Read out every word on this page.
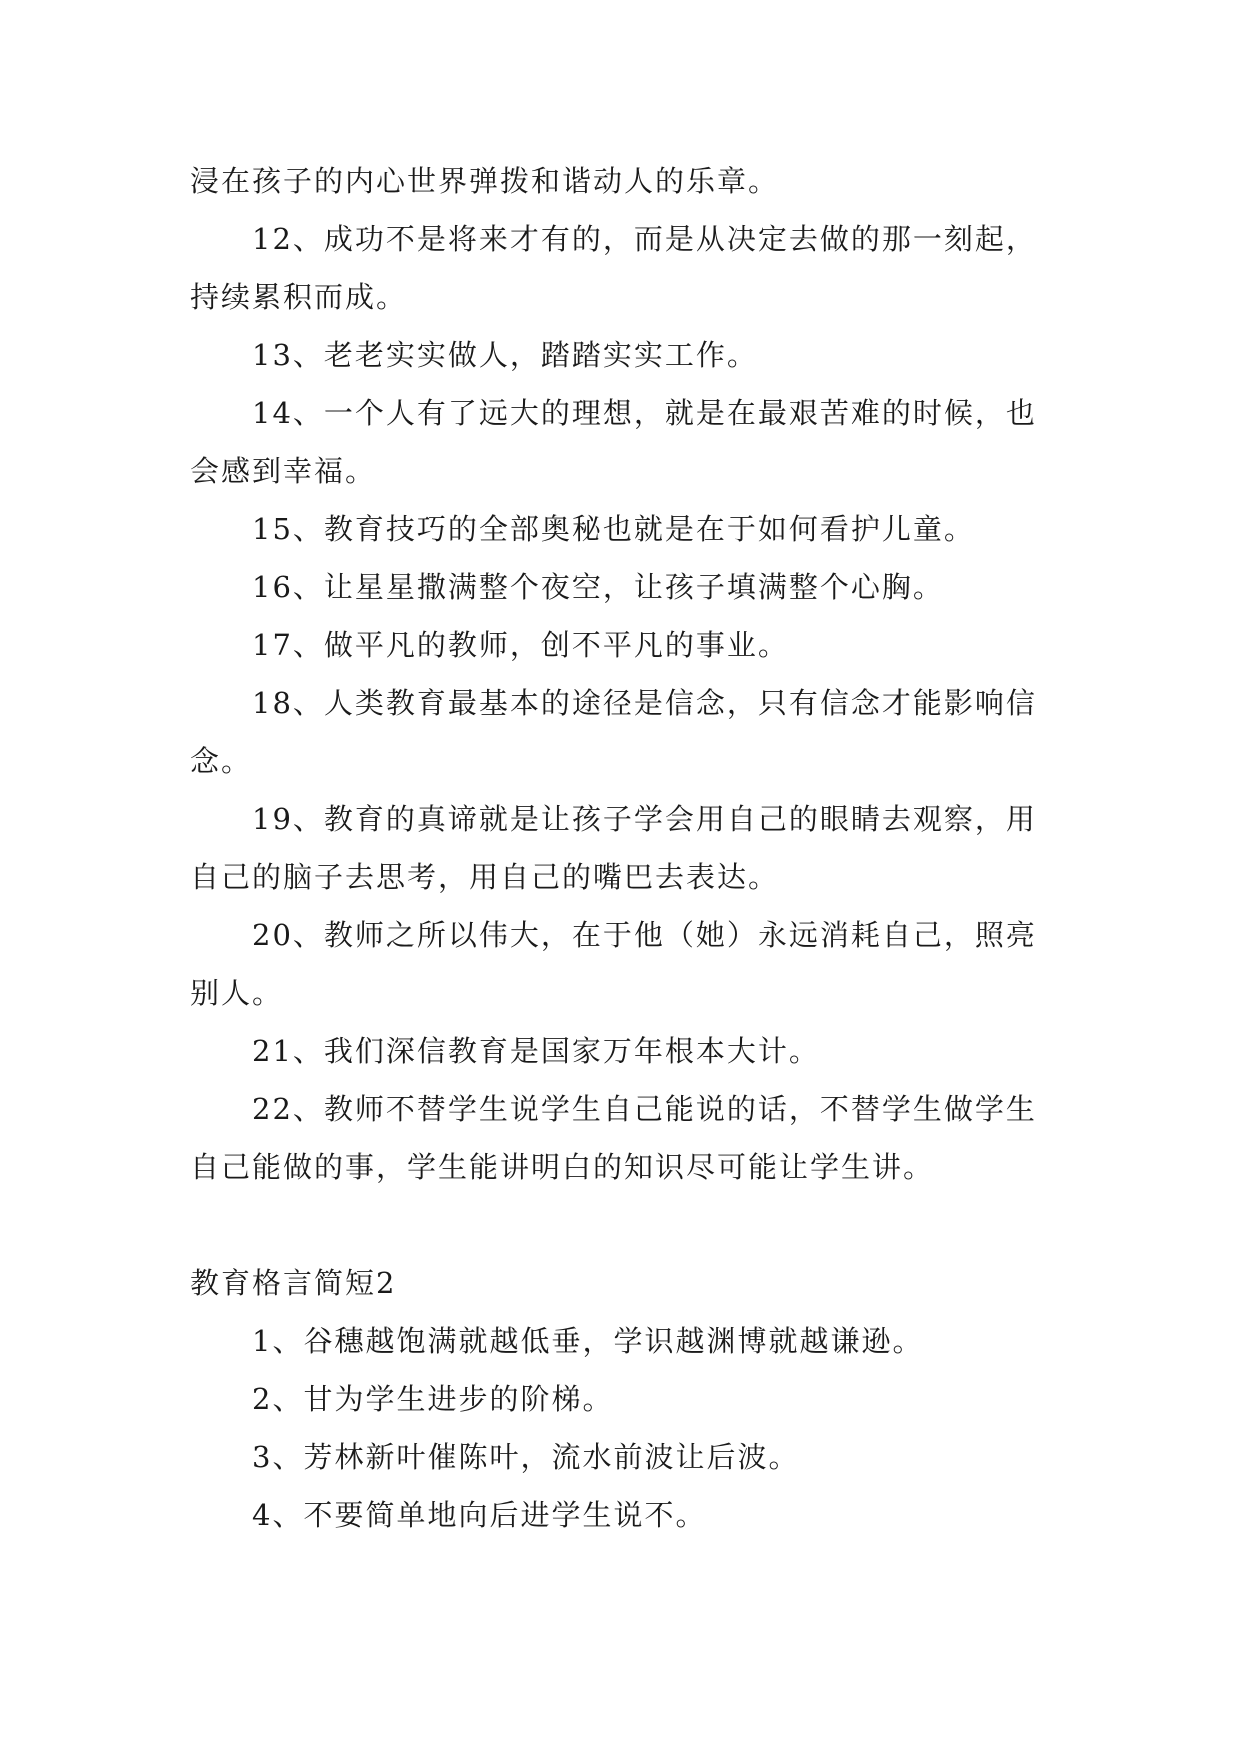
浸在孩子的内心世界弹拨和谐动人的乐章。

12、成功不是将来才有的，而是从决定去做的那一刻起，持续累积而成。

13、老老实实做人，踏踏实实工作。

14、一个人有了远大的理想，就是在最艰苦难的时候，也会感到幸福。

15、教育技巧的全部奥秘也就是在于如何看护儿童。

16、让星星撒满整个夜空，让孩子填满整个心胸。

17、做平凡的教师，创不平凡的事业。

18、人类教育最基本的途径是信念，只有信念才能影响信念。

19、教育的真谛就是让孩子学会用自己的眼睛去观察，用自己的脑子去思考，用自己的嘴巴去表达。

20、教师之所以伟大，在于他（她）永远消耗自己，照亮别人。

21、我们深信教育是国家万年根本大计。

22、教师不替学生说学生自己能说的话，不替学生做学生自己能做的事，学生能讲明白的知识尽可能让学生讲。

教育格言简短2

1、谷穗越饱满就越低垂，学识越渊博就越谦逊。

2、甘为学生进步的阶梯。

3、芳林新叶催陈叶，流水前波让后波。

4、不要简单地向后进学生说不。
